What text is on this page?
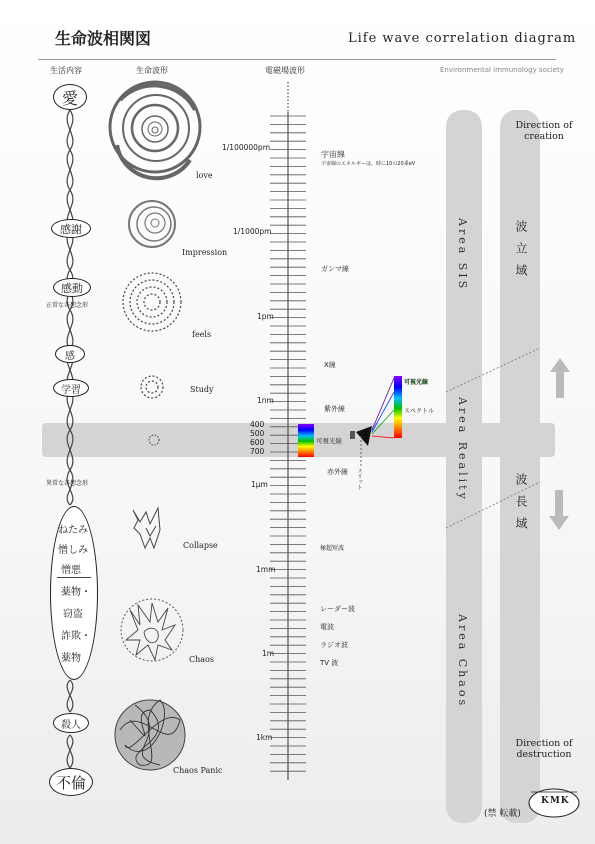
生命波相関図	Life wave correlation diagram
Environmental immunology society
生活内容	生命波形	電磁場波形
愛
感謝
感動
正常な各想念形
感
学習
異常な各想念形
ねたみ
憎しみ
憎悪
薬物・
窃盗
詐欺・
薬物
殺人
不倫
love
Impression
feels
Study
Collapse
Chaos
Chaos Panic
1/100000pm
1/1000pm
1pm
1nm
400
500
600
700
1μm
1mm
1m
1km
宇宙線
宇宙線のエネルギーは、時に10の20乗eV
ガンマ線
X線
紫外線
可視光線
赤外線
極超短波
レーダー波
電波
ラジオ波
TV 波
スリット
可視光線
スペクトル
Area SIS
Area Reality
Area Chaos
波立域
波長域
Direction of creation
Direction of destruction
(禁 転載)
KMK
